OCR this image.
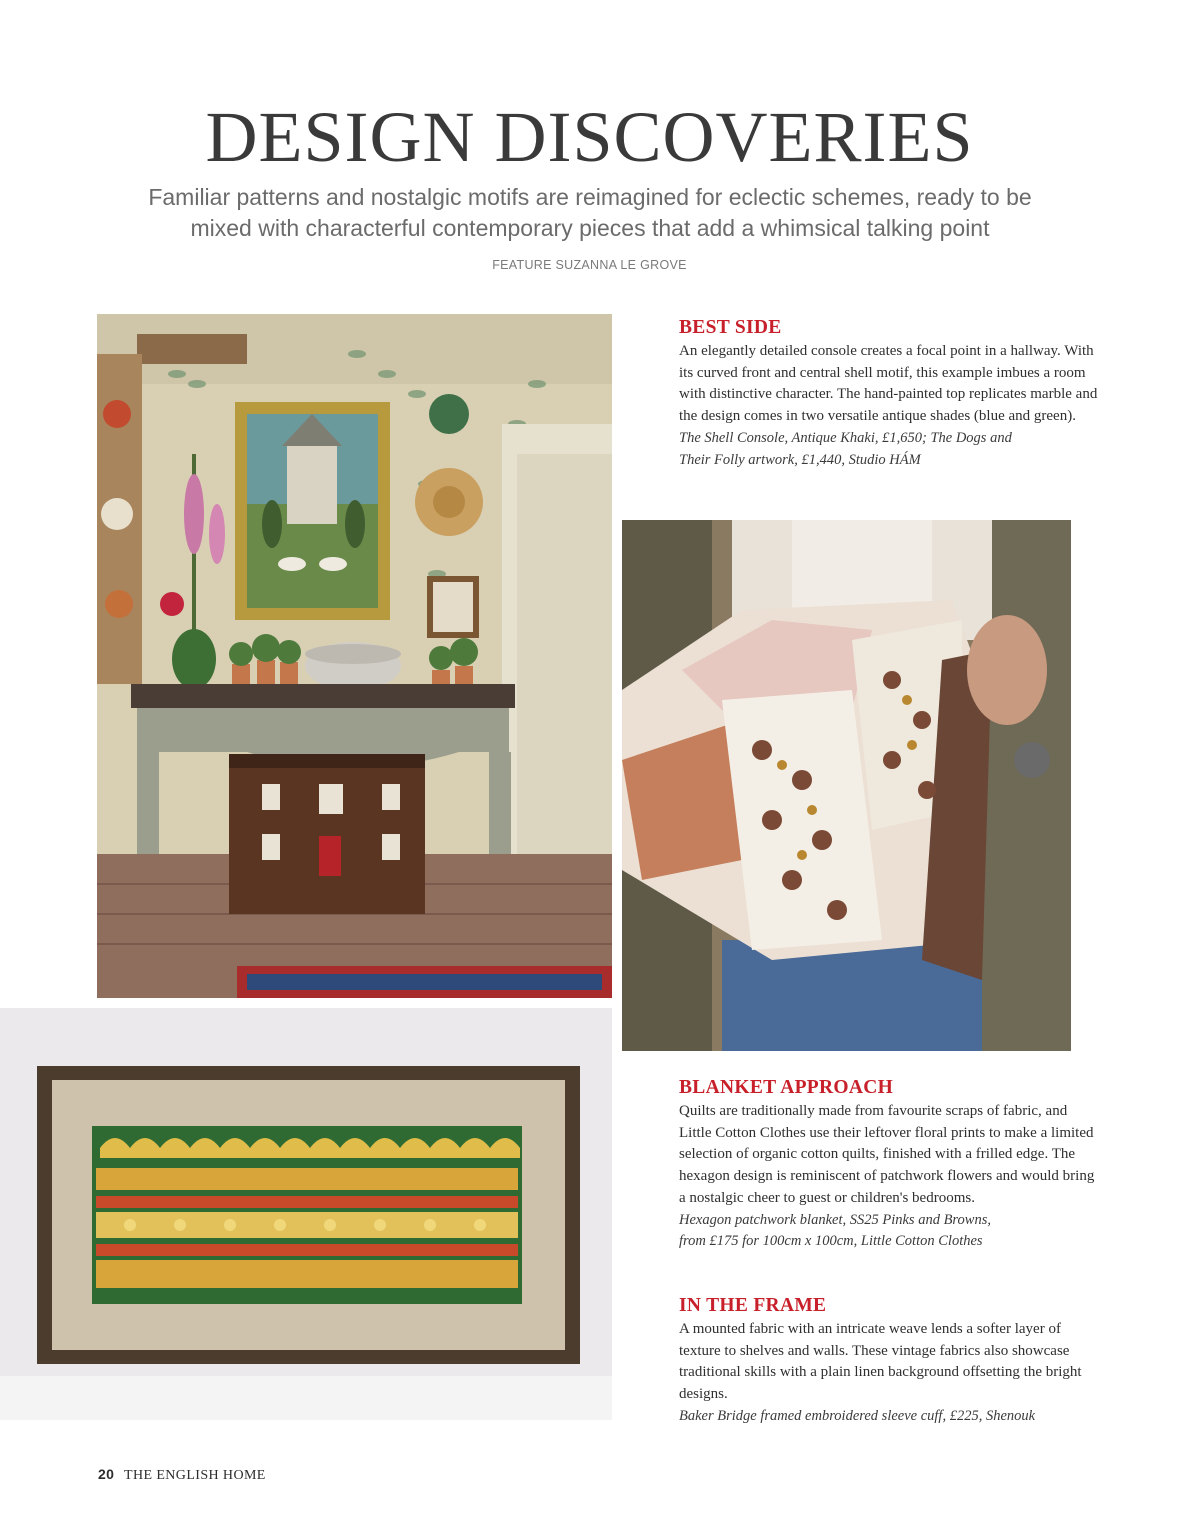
DESIGN DISCOVERIES
Familiar patterns and nostalgic motifs are reimagined for eclectic schemes, ready to be
mixed with characterful contemporary pieces that add a whimsical talking point
FEATURE SUZANNA LE GROVE
BEST SIDE

An elegantly detailed console creates a focal point in a hallway. With its curved front and central shell motif, this example imbues a room with distinctive character. The hand-painted top replicates marble and the design comes in two versatile antique shades (blue and green).

The Shell Console, Antique Khaki, £1,650; The Dogs and
Their Folly artwork, £1,440, Studio HÁM

BLANKET APPROACH

Quilts are traditionally made from favourite scraps of fabric, and Little Cotton Clothes use their leftover floral prints to make a limited selection of organic cotton quilts, finished with a frilled edge. The hexagon design is reminiscent of patchwork flowers and would bring a nostalgic cheer to guest or children's bedrooms.

Hexagon patchwork blanket, SS25 Pinks and Browns,
from £175 for 100cm x 100cm, Little Cotton Clothes

IN THE FRAME

A mounted fabric with an intricate weave lends a softer layer of texture to shelves and walls. These vintage fabrics also showcase traditional skills with a plain linen background offsetting the bright designs.

Baker Bridge framed embroidered sleeve cuff, £225, Shenouk

20 THE ENGLISH HOME
